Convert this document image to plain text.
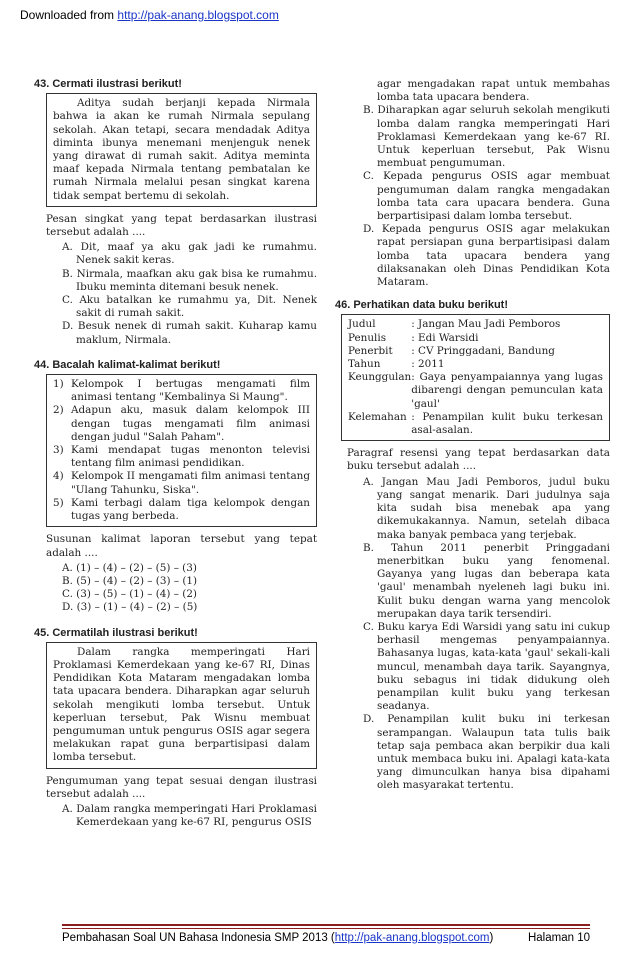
Downloaded from http://pak-anang.blogspot.com
43. Cermati ilustrasi berikut!

Aditya sudah berjanji kepada Nirmala bahwa ia akan ke rumah Nirmala sepulang sekolah. Akan tetapi, secara mendadak Aditya diminta ibunya menemani menjenguk nenek yang dirawat di rumah sakit. Aditya meminta maaf kepada Nirmala tentang pembatalan ke rumah Nirmala melalui pesan singkat karena tidak sempat bertemu di sekolah.

Pesan singkat yang tepat berdasarkan ilustrasi tersebut adalah ....
A. Dit, maaf ya aku gak jadi ke rumahmu. Nenek sakit keras.
B. Nirmala, maafkan aku gak bisa ke rumahmu. Ibuku meminta ditemani besuk nenek.
C. Aku batalkan ke rumahmu ya, Dit. Nenek sakit di rumah sakit.
D. Besuk nenek di rumah sakit. Kuharap kamu maklum, Nirmala.
44. Bacalah kalimat-kalimat berikut!
1) Kelompok I bertugas mengamati film animasi tentang "Kembalinya Si Maung".
2) Adapun aku, masuk dalam kelompok III dengan tugas mengamati film animasi dengan judul "Salah Paham".
3) Kami mendapat tugas menonton televisi tentang film animasi pendidikan.
4) Kelompok II mengamati film animasi tentang "Ulang Tahunku, Siska".
5) Kami terbagi dalam tiga kelompok dengan tugas yang berbeda.
Susunan kalimat laporan tersebut yang tepat adalah ....
A. (1) – (4) – (2) – (5) – (3)
B. (5) – (4) – (2) – (3) – (1)
C. (3) – (5) – (1) – (4) – (2)
D. (3) – (1) – (4) – (2) – (5)
45. Cermatilah ilustrasi berikut!

Dalam rangka memperingati Hari Proklamasi Kemerdekaan yang ke-67 RI, Dinas Pendidikan Kota Mataram mengadakan lomba tata upacara bendera. Diharapkan agar seluruh sekolah mengikuti lomba tersebut. Untuk keperluan tersebut, Pak Wisnu membuat pengumuman untuk pengurus OSIS agar segera melakukan rapat guna berpartisipasi dalam lomba tersebut.

Pengumuman yang tepat sesuai dengan ilustrasi tersebut adalah ....
A. Dalam rangka memperingati Hari Proklamasi Kemerdekaan yang ke-67 RI, pengurus OSIS
agar mengadakan rapat untuk membahas lomba tata upacara bendera.
B. Diharapkan agar seluruh sekolah mengikuti lomba dalam rangka memperingati Hari Proklamasi Kemerdekaan yang ke-67 RI. Untuk keperluan tersebut, Pak Wisnu membuat pengumuman.
C. Kepada pengurus OSIS agar membuat pengumuman dalam rangka mengadakan lomba tata cara upacara bendera. Guna berpartisipasi dalam lomba tersebut.
D. Kepada pengurus OSIS agar melakukan rapat persiapan guna berpartisipasi dalam lomba tata upacara bendera yang dilaksanakan oleh Dinas Pendidikan Kota Mataram.
46. Perhatikan data buku berikut!
Judul	: Jangan Mau Jadi Pemboros
Penulis	: Edi Warsidi
Penerbit	: CV Pringgadani, Bandung
Tahun	: 2011
Keunggulan	: Gaya penyampaiannya yang lugas dibarengi dengan pemunculan kata 'gaul'
Kelemahan	: Penampilan kulit buku terkesan asal-asalan.
Paragraf resensi yang tepat berdasarkan data buku tersebut adalah ....
A. Jangan Mau Jadi Pemboros, judul buku yang sangat menarik. Dari judulnya saja kita sudah bisa menebak apa yang dikemukakannya. Namun, setelah dibaca maka banyak pembaca yang terjebak.
B. Tahun 2011 penerbit Pringgadani menerbitkan buku yang fenomenal. Gayanya yang lugas dan beberapa kata 'gaul' menambah nyeleneh lagi buku ini. Kulit buku dengan warna yang mencolok merupakan daya tarik tersendiri.
C. Buku karya Edi Warsidi yang satu ini cukup berhasil mengemas penyampaiannya. Bahasanya lugas, kata-kata 'gaul' sekali-kali muncul, menambah daya tarik. Sayangnya, buku sebagus ini tidak didukung oleh penampilan kulit buku yang terkesan seadanya.
D. Penampilan kulit buku ini terkesan serampangan. Walaupun tata tulis baik tetap saja pembaca akan berpikir dua kali untuk membaca buku ini. Apalagi kata-kata yang dimunculkan hanya bisa dipahami oleh masyarakat tertentu.
Pembahasan Soal UN Bahasa Indonesia SMP 2013 (http://pak-anang.blogspot.com)	Halaman 10
